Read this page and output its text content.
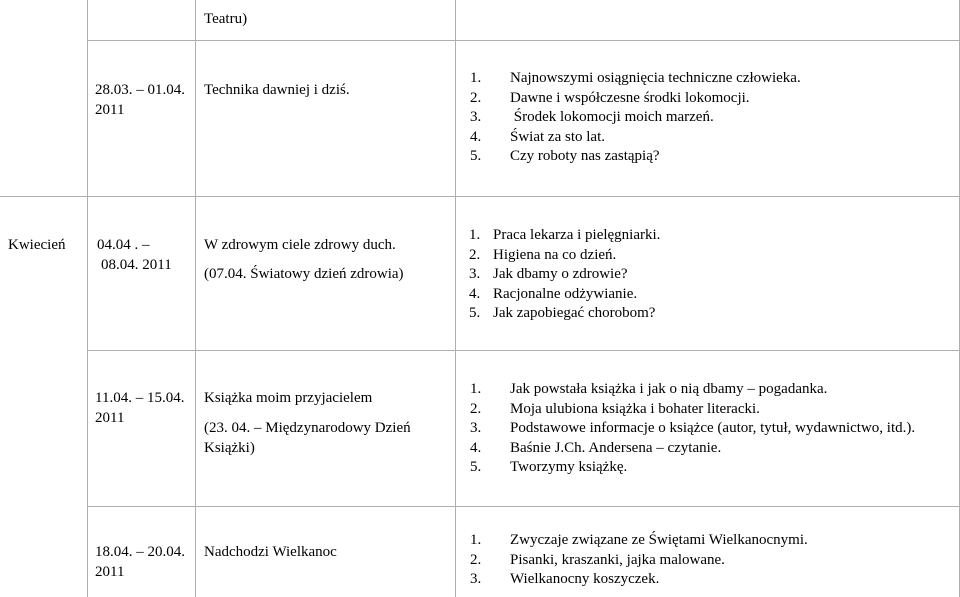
Teatru)
28.03. – 01.04.
2011
Technika dawniej i dziś.
1. Najnowszymi osiągnięcia techniczne człowieka.
2. Dawne i współczesne środki lokomocji.
3. Środek lokomocji moich marzeń.
4. Świat za sto lat.
5. Czy roboty nas zastąpią?
Kwiecień 04.04 . –
08.04. 2011
W zdrowym ciele zdrowy duch.
(07.04. Światowy dzień zdrowia)
1. Praca lekarza i pielęgniarki.
2. Higiena na co dzień.
3. Jak dbamy o zdrowie?
4. Racjonalne odżywianie.
5. Jak zapobiegać chorobom?
11.04. – 15.04.
2011
Książka moim przyjacielem
(23. 04. – Międzynarodowy Dzień
Książki)
1. Jak powstała książka i jak o nią dbamy – pogadanka.
2. Moja ulubiona książka i bohater literacki.
3. Podstawowe informacje o książce (autor, tytuł, wydawnictwo, itd.).
4. Baśnie J.Ch. Andersena – czytanie.
5. Tworzymy książkę.
18.04. – 20.04.
2011
Nadchodzi Wielkanoc
1. Zwyczaje związane ze Świętami Wielkanocnymi.
2. Pisanki, kraszanki, jajka malowane.
3. Wielkanocny koszyczek.
